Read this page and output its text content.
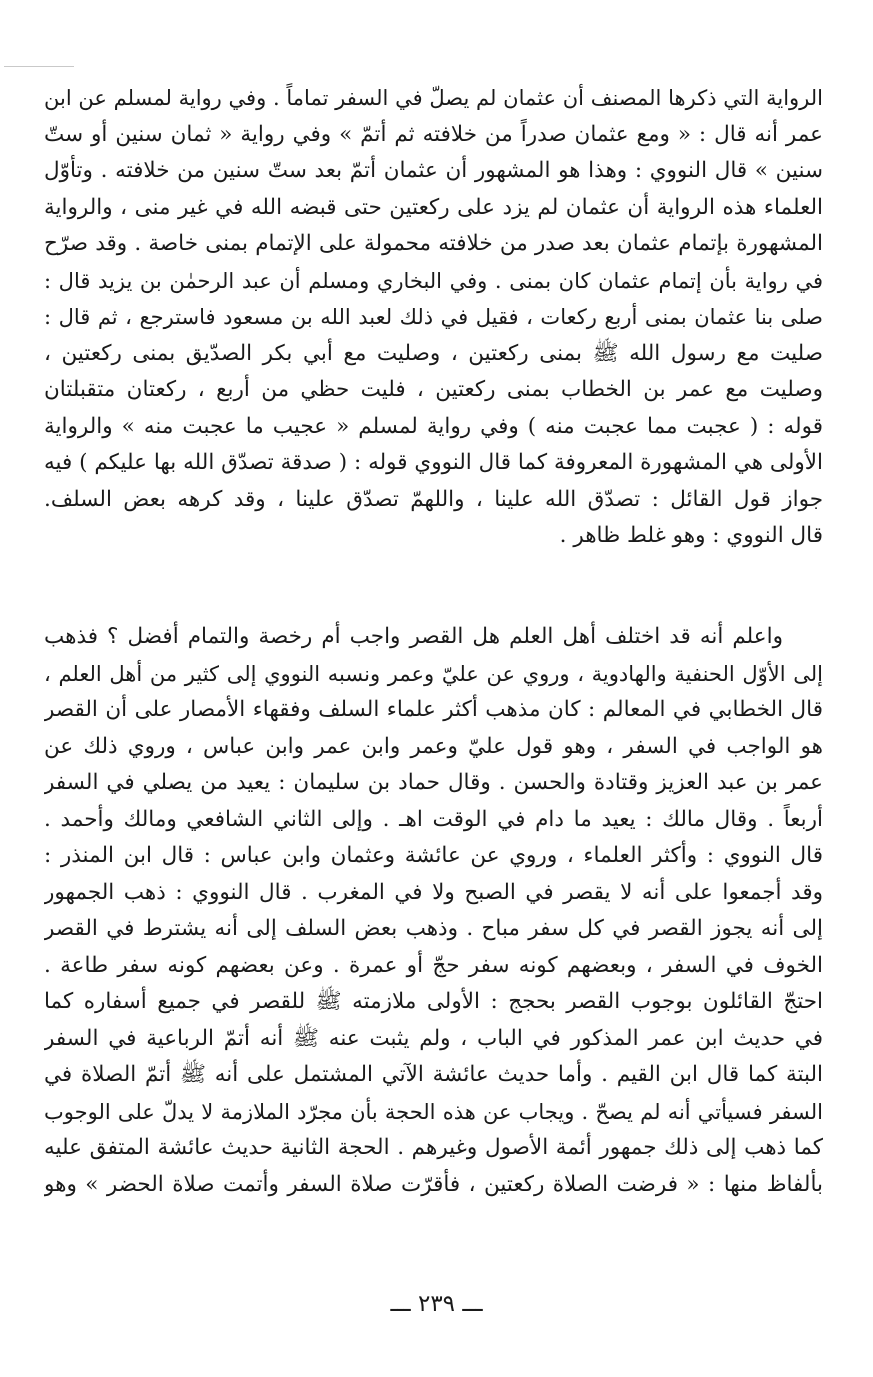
الرواية التي ذكرها المصنف أن عثمان لم يصلّ في السفر تماماً . وفي رواية لمسلم عن ابن

عمر أنه قال : « ومع عثمان صدراً من خلافته ثم أتمّ » وفي رواية « ثمان سنين أو ستّ

سنين » قال النووي : وهذا هو المشهور أن عثمان أتمّ بعد ستّ سنين من خلافته . وتأوّل

العلماء هذه الرواية أن عثمان لم يزد على ركعتين حتى قبضه الله في غير منى ، والرواية

المشهورة بإتمام عثمان بعد صدر من خلافته محمولة على الإتمام بمنى خاصة . وقد صرّح

في رواية بأن إتمام عثمان كان بمنى . وفي البخاري ومسلم أن عبد الرحمٰن بن يزيد قال :

صلى بنا عثمان بمنى أربع ركعات ، فقيل في ذلك لعبد الله بن مسعود فاسترجع ، ثم قال :

صليت مع رسول الله ﷺ بمنى ركعتين ، وصليت مع أبي بكر الصدّيق بمنى ركعتين ،

وصليت مع عمر بن الخطاب بمنى ركعتين ، فليت حظي من أربع ، ركعتان متقبلتان

قوله : ( عجبت مما عجبت منه ) وفي رواية لمسلم « عجيب ما عجبت منه » والرواية

الأولى هي المشهورة المعروفة كما قال النووي قوله : ( صدقة تصدّق الله بها عليكم ) فيه

جواز قول القائل : تصدّق الله علينا ، واللهمّ تصدّق علينا ، وقد كرهه بعض السلف.

قال النووي : وهو غلط ظاهر .

واعلم أنه قد اختلف أهل العلم هل القصر واجب أم رخصة والتمام أفضل ؟ فذهب

إلى الأوّل الحنفية والهادوية ، وروي عن عليّ وعمر ونسبه النووي إلى كثير من أهل العلم ،

قال الخطابي في المعالم : كان مذهب أكثر علماء السلف وفقهاء الأمصار على أن القصر

هو الواجب في السفر ، وهو قول عليّ وعمر وابن عمر وابن عباس ، وروي ذلك عن

عمر بن عبد العزيز وقتادة والحسن . وقال حماد بن سليمان : يعيد من يصلي في السفر

أربعاً . وقال مالك : يعيد ما دام في الوقت اهـ . وإلى الثاني الشافعي ومالك وأحمد .

قال النووي : وأكثر العلماء ، وروي عن عائشة وعثمان وابن عباس : قال ابن المنذر :

وقد أجمعوا على أنه لا يقصر في الصبح ولا في المغرب . قال النووي : ذهب الجمهور

إلى أنه يجوز القصر في كل سفر مباح . وذهب بعض السلف إلى أنه يشترط في القصر

الخوف في السفر ، وبعضهم كونه سفر حجّ أو عمرة . وعن بعضهم كونه سفر طاعة .

احتجّ القائلون بوجوب القصر بحجج : الأولى ملازمته ﷺ للقصر في جميع أسفاره كما

في حديث ابن عمر المذكور في الباب ، ولم يثبت عنه ﷺ أنه أتمّ الرباعية في السفر

البتة كما قال ابن القيم . وأما حديث عائشة الآتي المشتمل على أنه ﷺ أتمّ الصلاة في

السفر فسيأتي أنه لم يصحّ . ويجاب عن هذه الحجة بأن مجرّد الملازمة لا يدلّ على الوجوب

كما ذهب إلى ذلك جمهور أئمة الأصول وغيرهم . الحجة الثانية حديث عائشة المتفق عليه

بألفاظ منها : « فرضت الصلاة ركعتين ، فأقرّت صلاة السفر وأتمت صلاة الحضر » وهو

ـــ ٢٣٩ ـــ
